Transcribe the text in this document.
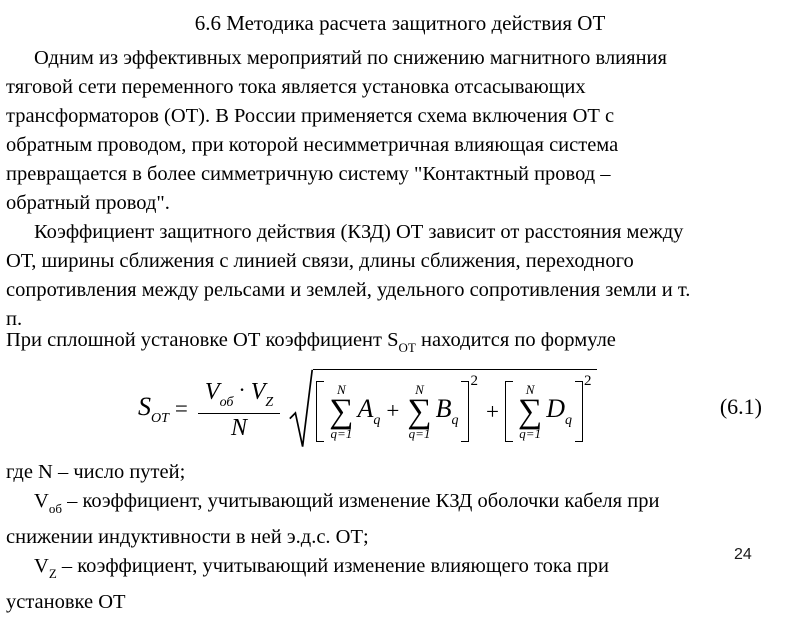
6.6 Методика расчета защитного действия ОТ
Одним из эффективных мероприятий по снижению магнитного влияния
тяговой сети переменного тока является установка отсасывающих
трансформаторов (ОТ). В России применяется схема включения ОТ с
обратным проводом, при которой несимметричная влияющая система
превращается в более симметричную систему "Контактный провод –
обратный провод".
Коэффициент защитного действия (КЗД) ОТ зависит от расстояния между
ОТ, ширины сближения с линией связи, длины сближения, переходного
сопротивления между рельсами и землей, удельного сопротивления земли и т.
п.
При сплошной установке ОТ коэффициент $S_{ОТ}$ находится по формуле
SОТ = $\frac{\text{Vоб· VZ}}{N}$	N
∑
q=1
Aq +
N
∑
q=1
Bq
2
+
N
∑
q=1
Dq
2
(6.1)
где N – число путей;
$V_{об}$ – коэффициент, учитывающий изменение КЗД оболочки кабеля при
снижении индуктивности в ней э.д.с. ОТ;
$V_Z$ – коэффициент, учитывающий изменение влияющего тока при
установке ОТ
24
